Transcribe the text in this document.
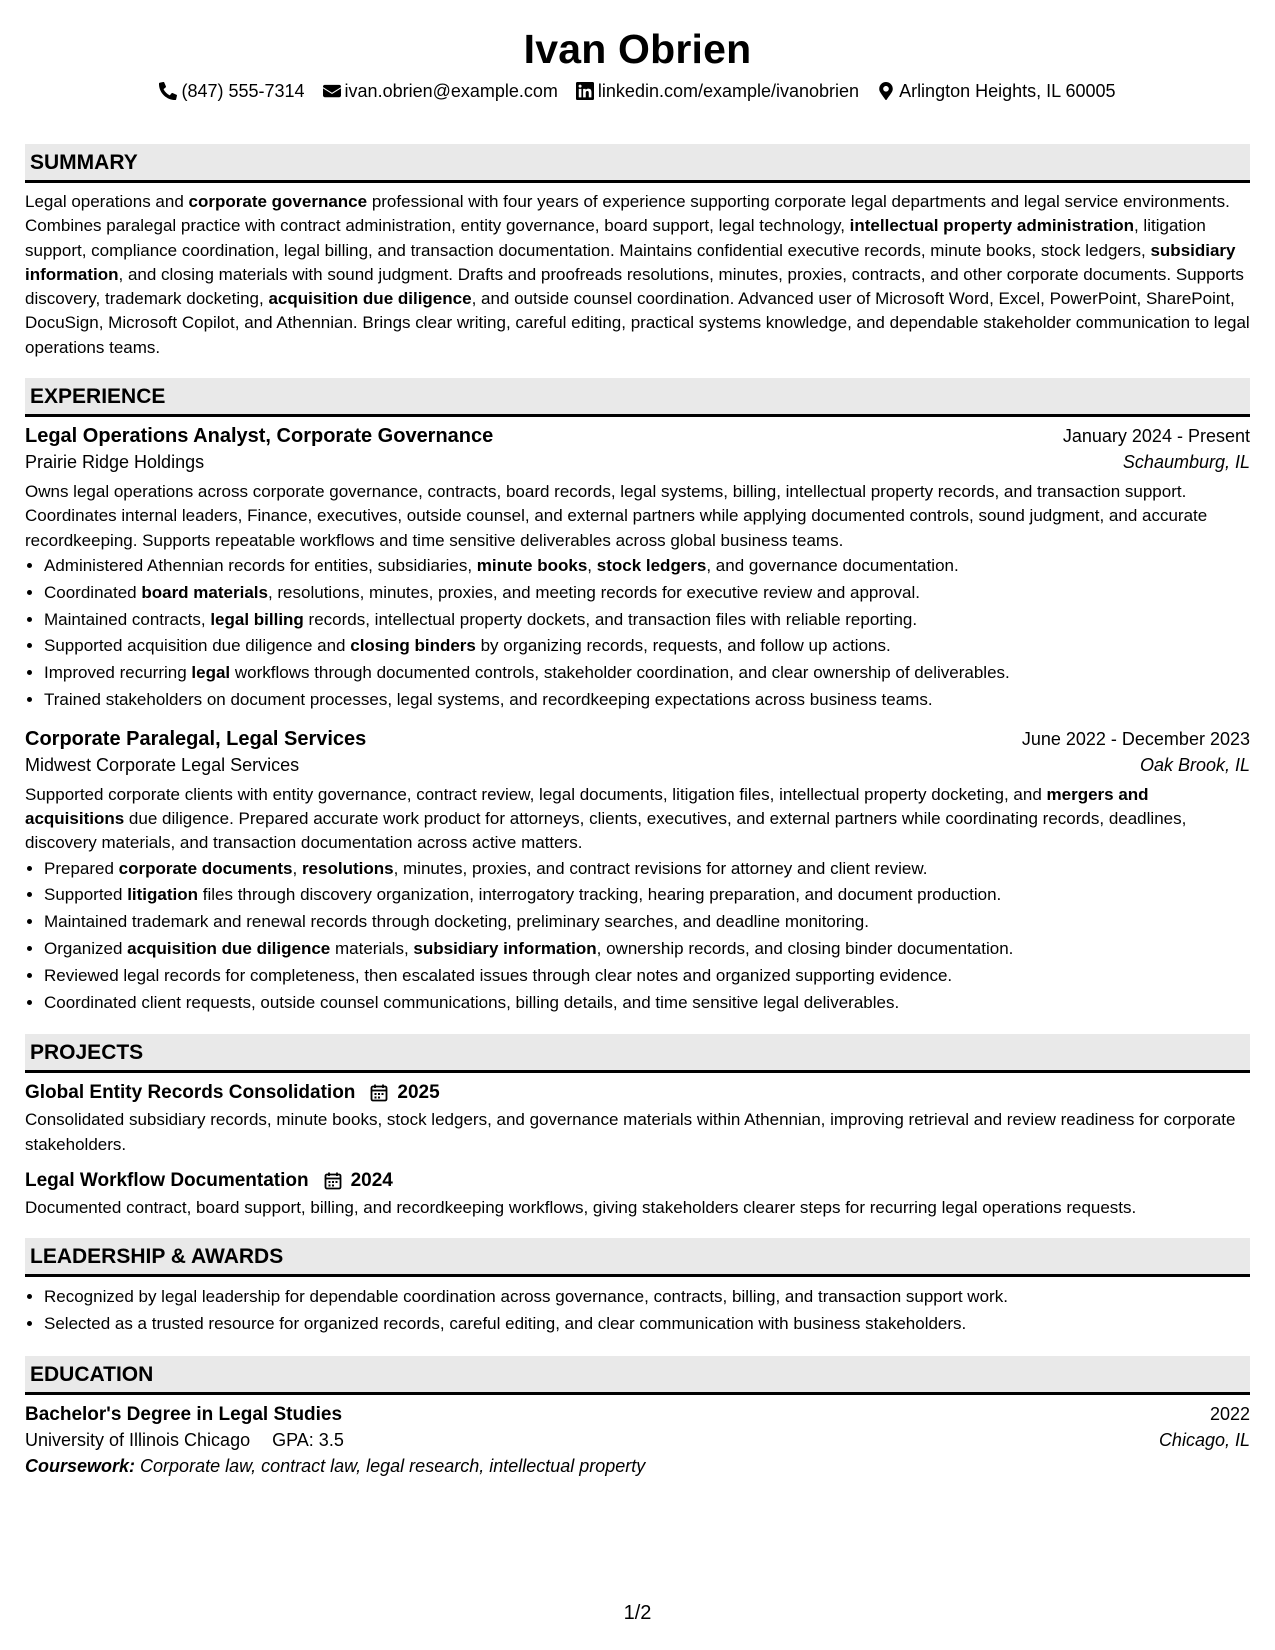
Ivan Obrien
(847) 555-7314 ivan.obrien@example.com linkedin.com/example/ivanobrien Arlington Heights, IL 60005
SUMMARY
Legal operations and corporate governance professional with four years of experience supporting corporate legal departments and legal service environments. Combines paralegal practice with contract administration, entity governance, board support, legal technology, intellectual property administration, litigation support, compliance coordination, legal billing, and transaction documentation. Maintains confidential executive records, minute books, stock ledgers, subsidiary information, and closing materials with sound judgment. Drafts and proofreads resolutions, minutes, proxies, contracts, and other corporate documents. Supports discovery, trademark docketing, acquisition due diligence, and outside counsel coordination. Advanced user of Microsoft Word, Excel, PowerPoint, SharePoint, DocuSign, Microsoft Copilot, and Athennian. Brings clear writing, careful editing, practical systems knowledge, and dependable stakeholder communication to legal operations teams.
EXPERIENCE
Legal Operations Analyst, Corporate Governance	January 2024 - Present
Prairie Ridge Holdings	Schaumburg, IL
Owns legal operations across corporate governance, contracts, board records, legal systems, billing, intellectual property records, and transaction support. Coordinates internal leaders, Finance, executives, outside counsel, and external partners while applying documented controls, sound judgment, and accurate recordkeeping. Supports repeatable workflows and time sensitive deliverables across global business teams.
• Administered Athennian records for entities, subsidiaries, minute books, stock ledgers, and governance documentation.
• Coordinated board materials, resolutions, minutes, proxies, and meeting records for executive review and approval.
• Maintained contracts, legal billing records, intellectual property dockets, and transaction files with reliable reporting.
• Supported acquisition due diligence and closing binders by organizing records, requests, and follow up actions.
• Improved recurring legal workflows through documented controls, stakeholder coordination, and clear ownership of deliverables.
• Trained stakeholders on document processes, legal systems, and recordkeeping expectations across business teams.
Corporate Paralegal, Legal Services	June 2022 - December 2023
Midwest Corporate Legal Services	Oak Brook, IL
Supported corporate clients with entity governance, contract review, legal documents, litigation files, intellectual property docketing, and mergers and acquisitions due diligence. Prepared accurate work product for attorneys, clients, executives, and external partners while coordinating records, deadlines, discovery materials, and transaction documentation across active matters.
• Prepared corporate documents, resolutions, minutes, proxies, and contract revisions for attorney and client review.
• Supported litigation files through discovery organization, interrogatory tracking, hearing preparation, and document production.
• Maintained trademark and renewal records through docketing, preliminary searches, and deadline monitoring.
• Organized acquisition due diligence materials, subsidiary information, ownership records, and closing binder documentation.
• Reviewed legal records for completeness, then escalated issues through clear notes and organized supporting evidence.
• Coordinated client requests, outside counsel communications, billing details, and time sensitive legal deliverables.
PROJECTS
Global Entity Records Consolidation 2025
Consolidated subsidiary records, minute books, stock ledgers, and governance materials within Athennian, improving retrieval and review readiness for corporate stakeholders.
Legal Workflow Documentation 2024
Documented contract, board support, billing, and recordkeeping workflows, giving stakeholders clearer steps for recurring legal operations requests.
LEADERSHIP & AWARDS
• Recognized by legal leadership for dependable coordination across governance, contracts, billing, and transaction support work.
• Selected as a trusted resource for organized records, careful editing, and clear communication with business stakeholders.
EDUCATION
Bachelor's Degree in Legal Studies	2022
University of Illinois Chicago GPA: 3.5	Chicago, IL
Coursework: Corporate law, contract law, legal research, intellectual property
1/2
